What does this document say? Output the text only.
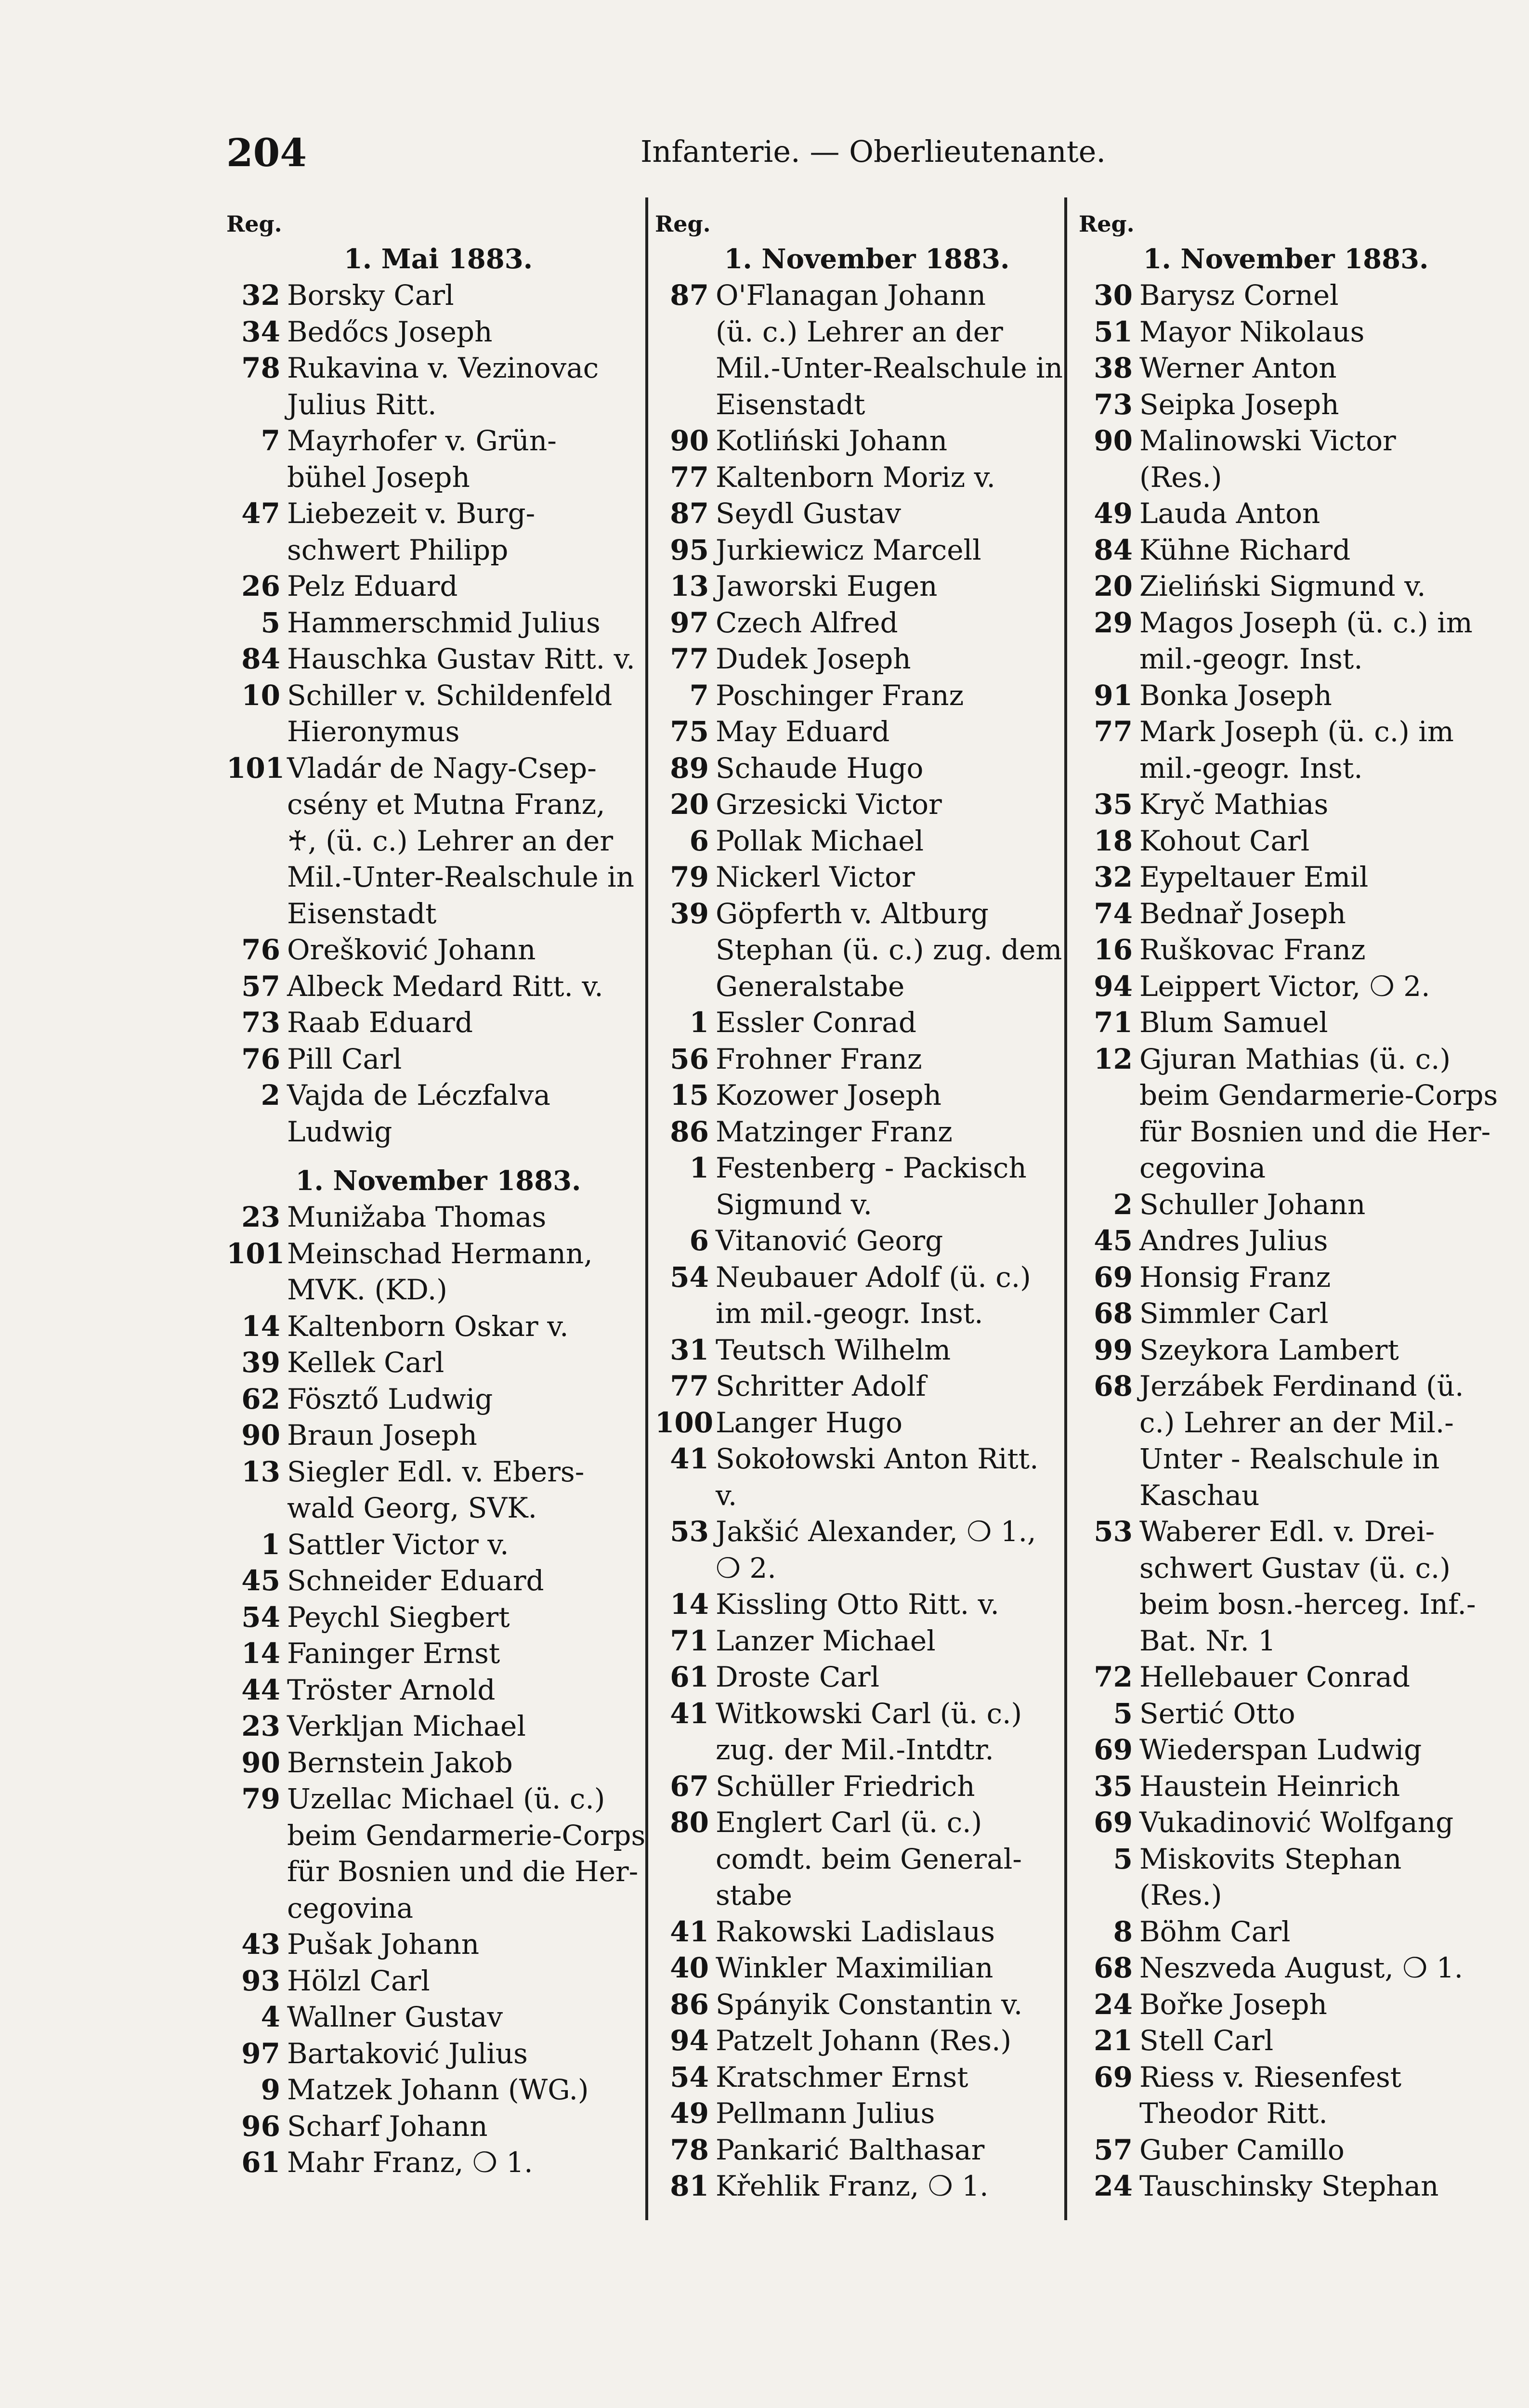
204	Infanterie. — Oberlieutenante.
Reg.
1. Mai 1883.
32 Borsky Carl
34 Bedőcs Joseph
78 Rukavina v. Vezinovac
Julius Ritt.
7 Mayrhofer v. Grün-
bühel Joseph
47 Liebezeit v. Burg-
schwert Philipp
26 Pelz Eduard
5 Hammerschmid Julius
84 Hauschka Gustav Ritt. v.
10 Schiller v. Schildenfeld
Hieronymus
101Vladár de Nagy-Csep-
csény et Mutna Franz,
♰, (ü. c.) Lehrer an der
Mil.-Unter-Realschule in
Eisenstadt
76 Orešković Johann
57 Albeck Medard Ritt. v.
73 Raab Eduard
76 Pill Carl
2 Vajda de Léczfalva
Ludwig
1. November 1883.
23 Munižaba Thomas
101Meinschad Hermann,
MVK. (KD.)
14 Kaltenborn Oskar v.
39 Kellek Carl
62 Fösztő Ludwig
90 Braun Joseph
13 Siegler Edl. v. Ebers-
wald Georg, SVK.
1 Sattler Victor v.
45 Schneider Eduard
54 Peychl Siegbert
14 Faninger Ernst
44 Tröster Arnold
23 Verkljan Michael
90 Bernstein Jakob
79 Uzellac Michael (ü. c.)
beim Gendarmerie-Corps
für Bosnien und die Her-
cegovina
43 Pušak Johann
93 Hölzl Carl
4 Wallner Gustav
97 Bartaković Julius
9 Matzek Johann (WG.)
96 Scharf Johann
61 Mahr Franz, ❍ 1.
Reg.
1. November 1883.
87 O'Flanagan Johann
(ü. c.) Lehrer an der
Mil.-Unter-Realschule in
Eisenstadt
90 Kotliński Johann
77 Kaltenborn Moriz v.
87 Seydl Gustav
95 Jurkiewicz Marcell
13 Jaworski Eugen
97 Czech Alfred
77 Dudek Joseph
7 Poschinger Franz
75 May Eduard
89 Schaude Hugo
20 Grzesicki Victor
6 Pollak Michael
79 Nickerl Victor
39 Göpferth v. Altburg
Stephan (ü. c.) zug. dem
Generalstabe
1 Essler Conrad
56 Frohner Franz
15 Kozower Joseph
86 Matzinger Franz
1 Festenberg - Packisch
Sigmund v.
6 Vitanović Georg
54 Neubauer Adolf (ü. c.)
im mil.-geogr. Inst.
31 Teutsch Wilhelm
77 Schritter Adolf
100Langer Hugo
41 Sokołowski Anton Ritt.
v.
53 Jakšić Alexander, ❍ 1.,
❍ 2.
14 Kissling Otto Ritt. v.
71 Lanzer Michael
61 Droste Carl
41 Witkowski Carl (ü. c.)
zug. der Mil.-Intdtr.
67 Schüller Friedrich
80 Englert Carl (ü. c.)
comdt. beim General-
stabe
41 Rakowski Ladislaus
40 Winkler Maximilian
86 Spányik Constantin v.
94 Patzelt Johann (Res.)
54 Kratschmer Ernst
49 Pellmann Julius
78 Pankarić Balthasar
81 Křehlik Franz, ❍ 1.
Reg.
1. November 1883.
30 Barysz Cornel
51 Mayor Nikolaus
38 Werner Anton
73 Seipka Joseph
90 Malinowski Victor
(Res.)
49 Lauda Anton
84 Kühne Richard
20 Zieliński Sigmund v.
29 Magos Joseph (ü. c.) im
mil.-geogr. Inst.
91 Bonka Joseph
77 Mark Joseph (ü. c.) im
mil.-geogr. Inst.
35 Kryč Mathias
18 Kohout Carl
32 Eypeltauer Emil
74 Bednař Joseph
16 Ruškovac Franz
94 Leippert Victor, ❍ 2.
71 Blum Samuel
12 Gjuran Mathias (ü. c.)
beim Gendarmerie-Corps
für Bosnien und die Her-
cegovina
2 Schuller Johann
45 Andres Julius
69 Honsig Franz
68 Simmler Carl
99 Szeykora Lambert
68 Jerzábek Ferdinand (ü.
c.) Lehrer an der Mil.-
Unter - Realschule in
Kaschau
53 Waberer Edl. v. Drei-
schwert Gustav (ü. c.)
beim bosn.-herceg. Inf.-
Bat. Nr. 1
72 Hellebauer Conrad
5 Sertić Otto
69 Wiederspan Ludwig
35 Haustein Heinrich
69 Vukadinović Wolfgang
5 Miskovits Stephan
(Res.)
8 Böhm Carl
68 Neszveda August, ❍ 1.
24 Bořke Joseph
21 Stell Carl
69 Riess v. Riesenfest
Theodor Ritt.
57 Guber Camillo
24 Tauschinsky Stephan
